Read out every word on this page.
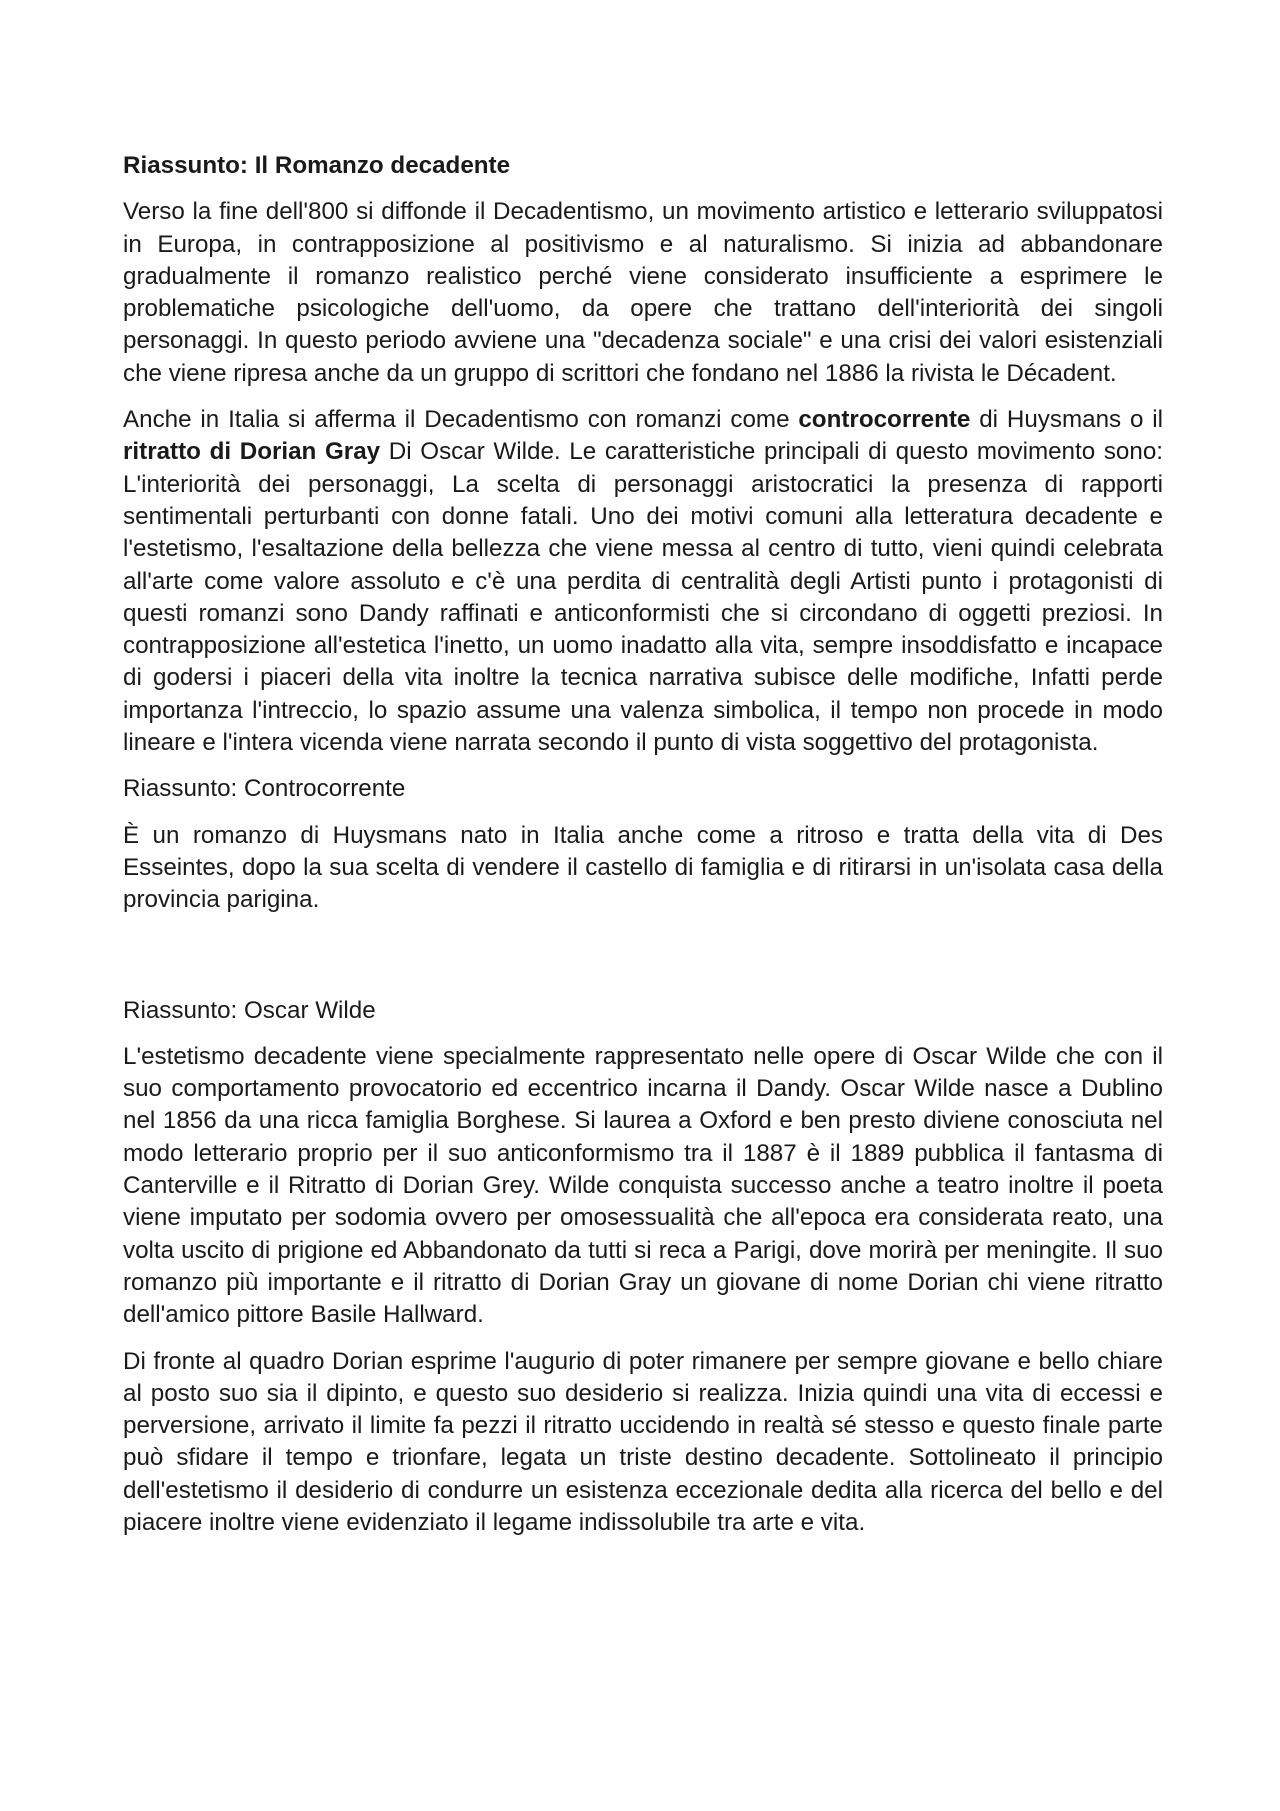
Riassunto: Il Romanzo decadente

Verso la fine dell'800 si diffonde il Decadentismo, un movimento artistico e letterario sviluppatosi in Europa, in contrapposizione al positivismo e al naturalismo. Si inizia ad abbandonare gradualmente il romanzo realistico perché viene considerato insufficiente a esprimere le problematiche psicologiche dell'uomo, da opere che trattano dell'interiorità dei singoli personaggi. In questo periodo avviene una "decadenza sociale" e una crisi dei valori esistenziali che viene ripresa anche da un gruppo di scrittori che fondano nel 1886 la rivista le Décadent.

Anche in Italia si afferma il Decadentismo con romanzi come controcorrente di Huysmans o il ritratto di Dorian Gray Di Oscar Wilde. Le caratteristiche principali di questo movimento sono: L'interiorità dei personaggi, La scelta di personaggi aristocratici la presenza di rapporti sentimentali perturbanti con donne fatali. Uno dei motivi comuni alla letteratura decadente e l'estetismo, l'esaltazione della bellezza che viene messa al centro di tutto, vieni quindi celebrata all'arte come valore assoluto e c'è una perdita di centralità degli Artisti punto i protagonisti di questi romanzi sono Dandy raffinati e anticonformisti che si circondano di oggetti preziosi. In contrapposizione all'estetica l'inetto, un uomo inadatto alla vita, sempre insoddisfatto e incapace di godersi i piaceri della vita inoltre la tecnica narrativa subisce delle modifiche, Infatti perde importanza l'intreccio, lo spazio assume una valenza simbolica, il tempo non procede in modo lineare e l'intera vicenda viene narrata secondo il punto di vista soggettivo del protagonista.

Riassunto: Controcorrente

È un romanzo di Huysmans nato in Italia anche come a ritroso e tratta della vita di Des Esseintes, dopo la sua scelta di vendere il castello di famiglia e di ritirarsi in un'isolata casa della provincia parigina.

Riassunto: Oscar Wilde

L'estetismo decadente viene specialmente rappresentato nelle opere di Oscar Wilde che con il suo comportamento provocatorio ed eccentrico incarna il Dandy. Oscar Wilde nasce a Dublino nel 1856 da una ricca famiglia Borghese. Si laurea a Oxford e ben presto diviene conosciuta nel modo letterario proprio per il suo anticonformismo tra il 1887 è il 1889 pubblica il fantasma di Canterville e il Ritratto di Dorian Grey. Wilde conquista successo anche a teatro inoltre il poeta viene imputato per sodomia ovvero per omosessualità che all'epoca era considerata reato, una volta uscito di prigione ed Abbandonato da tutti si reca a Parigi, dove morirà per meningite. Il suo romanzo più importante e il ritratto di Dorian Gray un giovane di nome Dorian chi viene ritratto dell'amico pittore Basile Hallward.

Di fronte al quadro Dorian esprime l'augurio di poter rimanere per sempre giovane e bello chiare al posto suo sia il dipinto, e questo suo desiderio si realizza. Inizia quindi una vita di eccessi e perversione, arrivato il limite fa pezzi il ritratto uccidendo in realtà sé stesso e questo finale parte può sfidare il tempo e trionfare, legata un triste destino decadente. Sottolineato il principio dell'estetismo il desiderio di condurre un esistenza eccezionale dedita alla ricerca del bello e del piacere inoltre viene evidenziato il legame indissolubile tra arte e vita.
